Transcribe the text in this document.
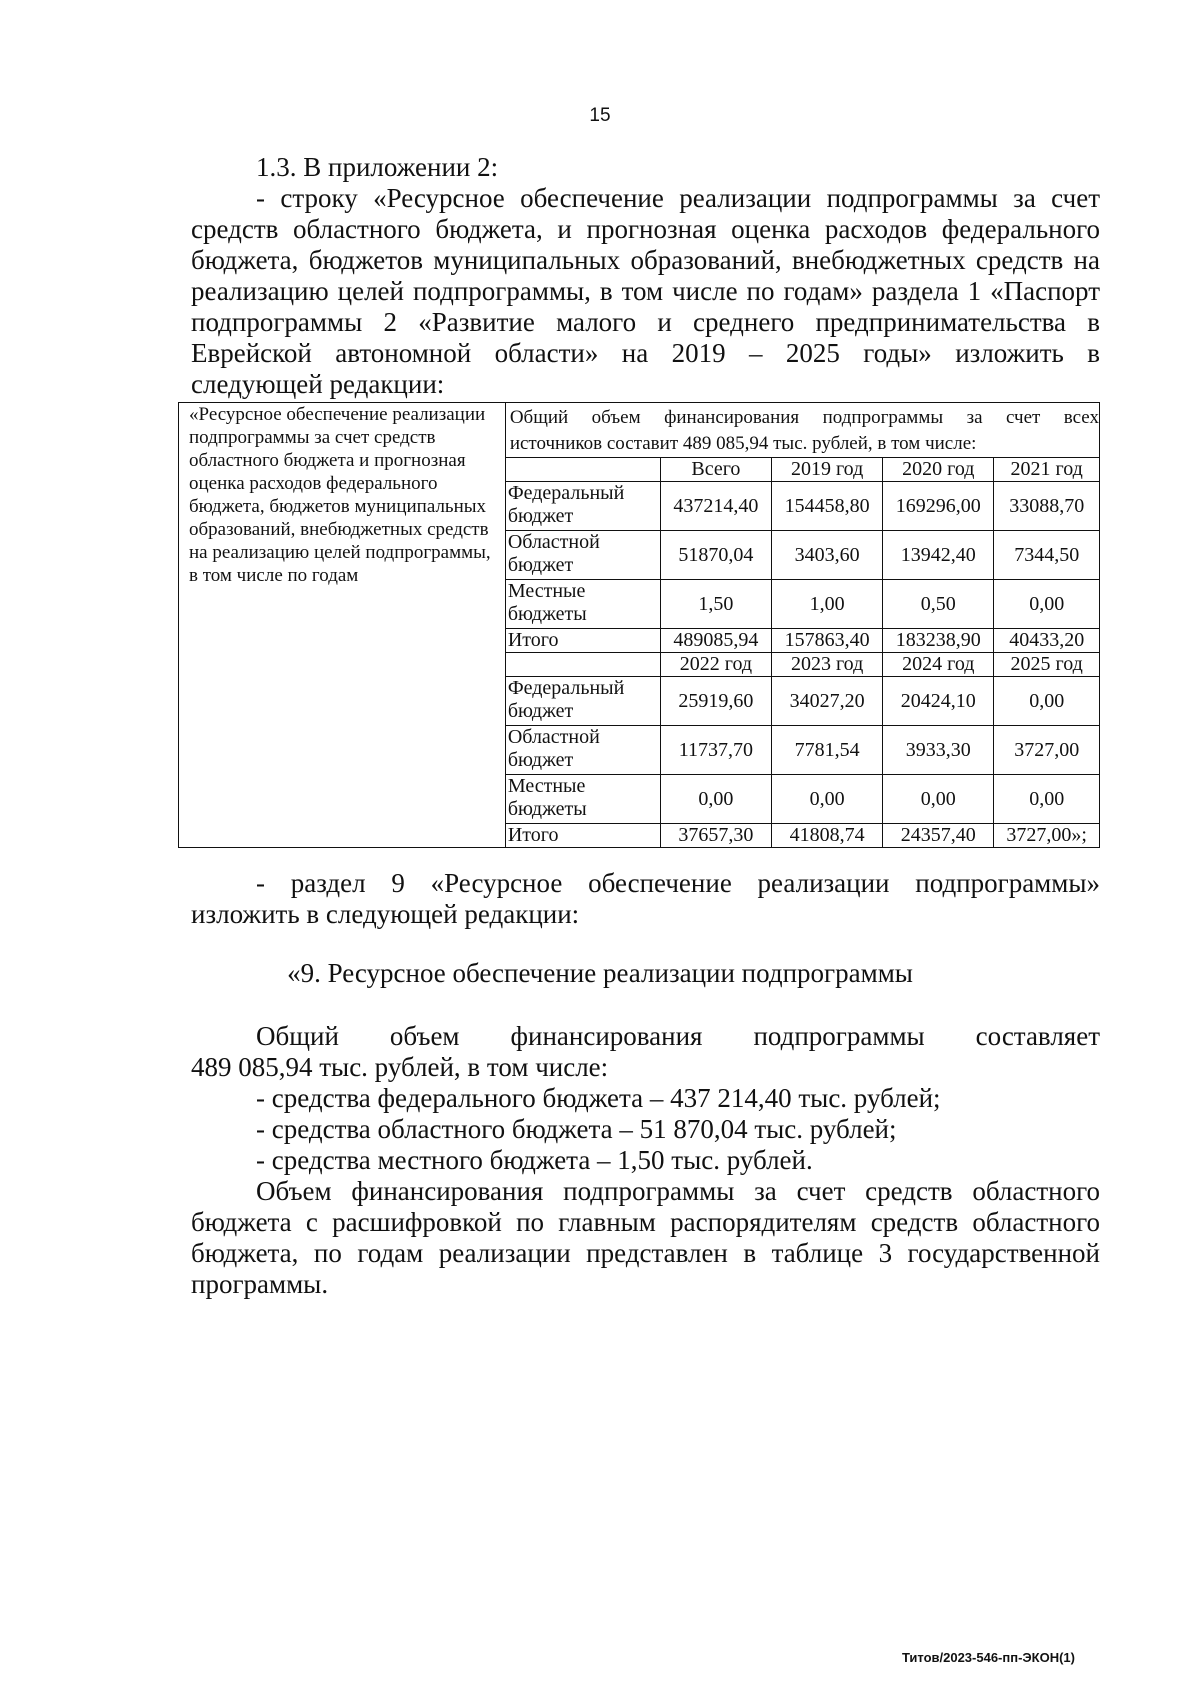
15
1.3. В приложении 2:
- строку «Ресурсное обеспечение реализации подпрограммы за счет
средств областного бюджета, и прогнозная оценка расходов федерального
бюджета, бюджетов муниципальных образований, внебюджетных средств на
реализацию целей подпрограммы, в том числе по годам» раздела 1 «Паспорт
подпрограммы 2 «Развитие малого и среднего предпринимательства в
Еврейской автономной области» на 2019 – 2025 годы» изложить в
следующей редакции:
«Ресурсное обеспечение реализации подпрограммы за счет средств областного бюджета и прогнозная оценка расходов федерального бюджета, бюджетов муниципальных образований, внебюджетных средств на реализацию целей подпрограммы, в том числе по годам	
Общий объем финансирования подпрограммы за счет всех
источников составит 489 085,94 тыс. рублей, в том числе:
	Всего	2019 год	2020 год	2021 год
Федеральный бюджет	437214,40	154458,80	169296,00	33088,70
Областной бюджет	51870,04	3403,60	13942,40	7344,50
Местные бюджеты	1,50	1,00	0,50	0,00
Итого	489085,94	157863,40	183238,90	40433,20
	2022 год	2023 год	2024 год	2025 год
Федеральный бюджет	25919,60	34027,20	20424,10	0,00
Областной бюджет	11737,70	7781,54	3933,30	3727,00
Местные бюджеты	0,00	0,00	0,00	0,00
Итого	37657,30	41808,74	24357,40	3727,00»;
- раздел 9 «Ресурсное обеспечение реализации подпрограммы»
изложить в следующей редакции:
«9. Ресурсное обеспечение реализации подпрограммы
Общий объем финансирования подпрограммы составляет
489 085,94 тыс. рублей, в том числе:
- средства федерального бюджета – 437 214,40 тыс. рублей;
- средства областного бюджета – 51 870,04 тыс. рублей;
- средства местного бюджета – 1,50 тыс. рублей.
Объем финансирования подпрограммы за счет средств областного бюджета с расшифровкой по главным распорядителям средств областного бюджета, по годам реализации представлен в таблице 3 государственной программы.
Титов/2023-546-пп-ЭКОН(1)
